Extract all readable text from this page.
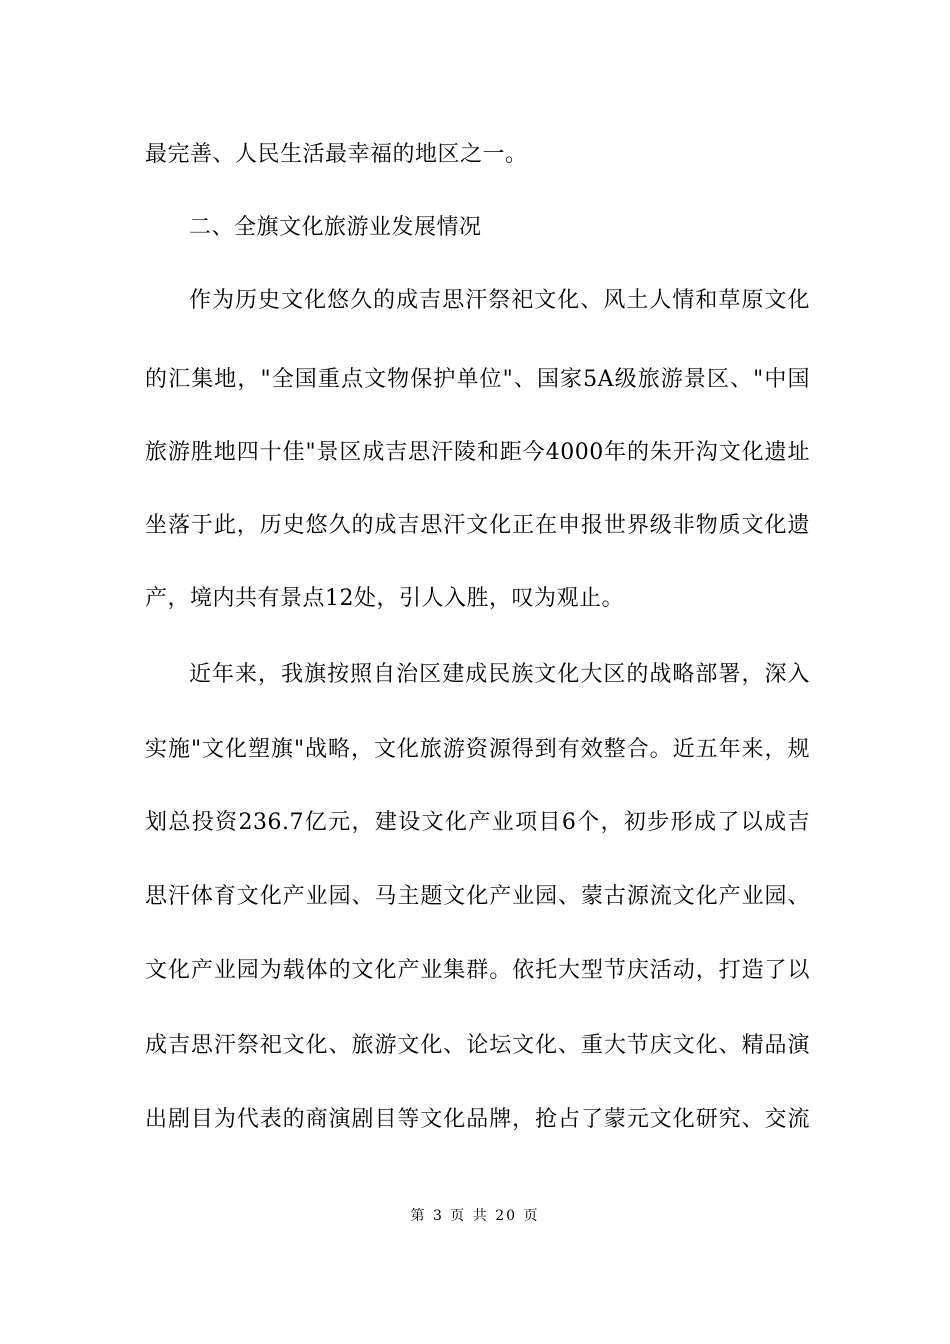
最完善、人民生活最幸福的地区之一。
二、全旗文化旅游业发展情况
作为历史文化悠久的成吉思汗祭祀文化、风土人情和草原文化
的汇集地，"全国重点文物保护单位"、国家5A级旅游景区、"中国
旅游胜地四十佳"景区成吉思汗陵和距今4000年的朱开沟文化遗址
坐落于此，历史悠久的成吉思汗文化正在申报世界级非物质文化遗
产，境内共有景点12处，引人入胜，叹为观止。
近年来，我旗按照自治区建成民族文化大区的战略部署，深入
实施"文化塑旗"战略，文化旅游资源得到有效整合。近五年来，规
划总投资236.7亿元，建设文化产业项目6个，初步形成了以成吉
思汗体育文化产业园、马主题文化产业园、蒙古源流文化产业园、
文化产业园为载体的文化产业集群。依托大型节庆活动，打造了以
成吉思汗祭祀文化、旅游文化、论坛文化、重大节庆文化、精品演
出剧目为代表的商演剧目等文化品牌，抢占了蒙元文化研究、交流
第 3 页 共 20 页
